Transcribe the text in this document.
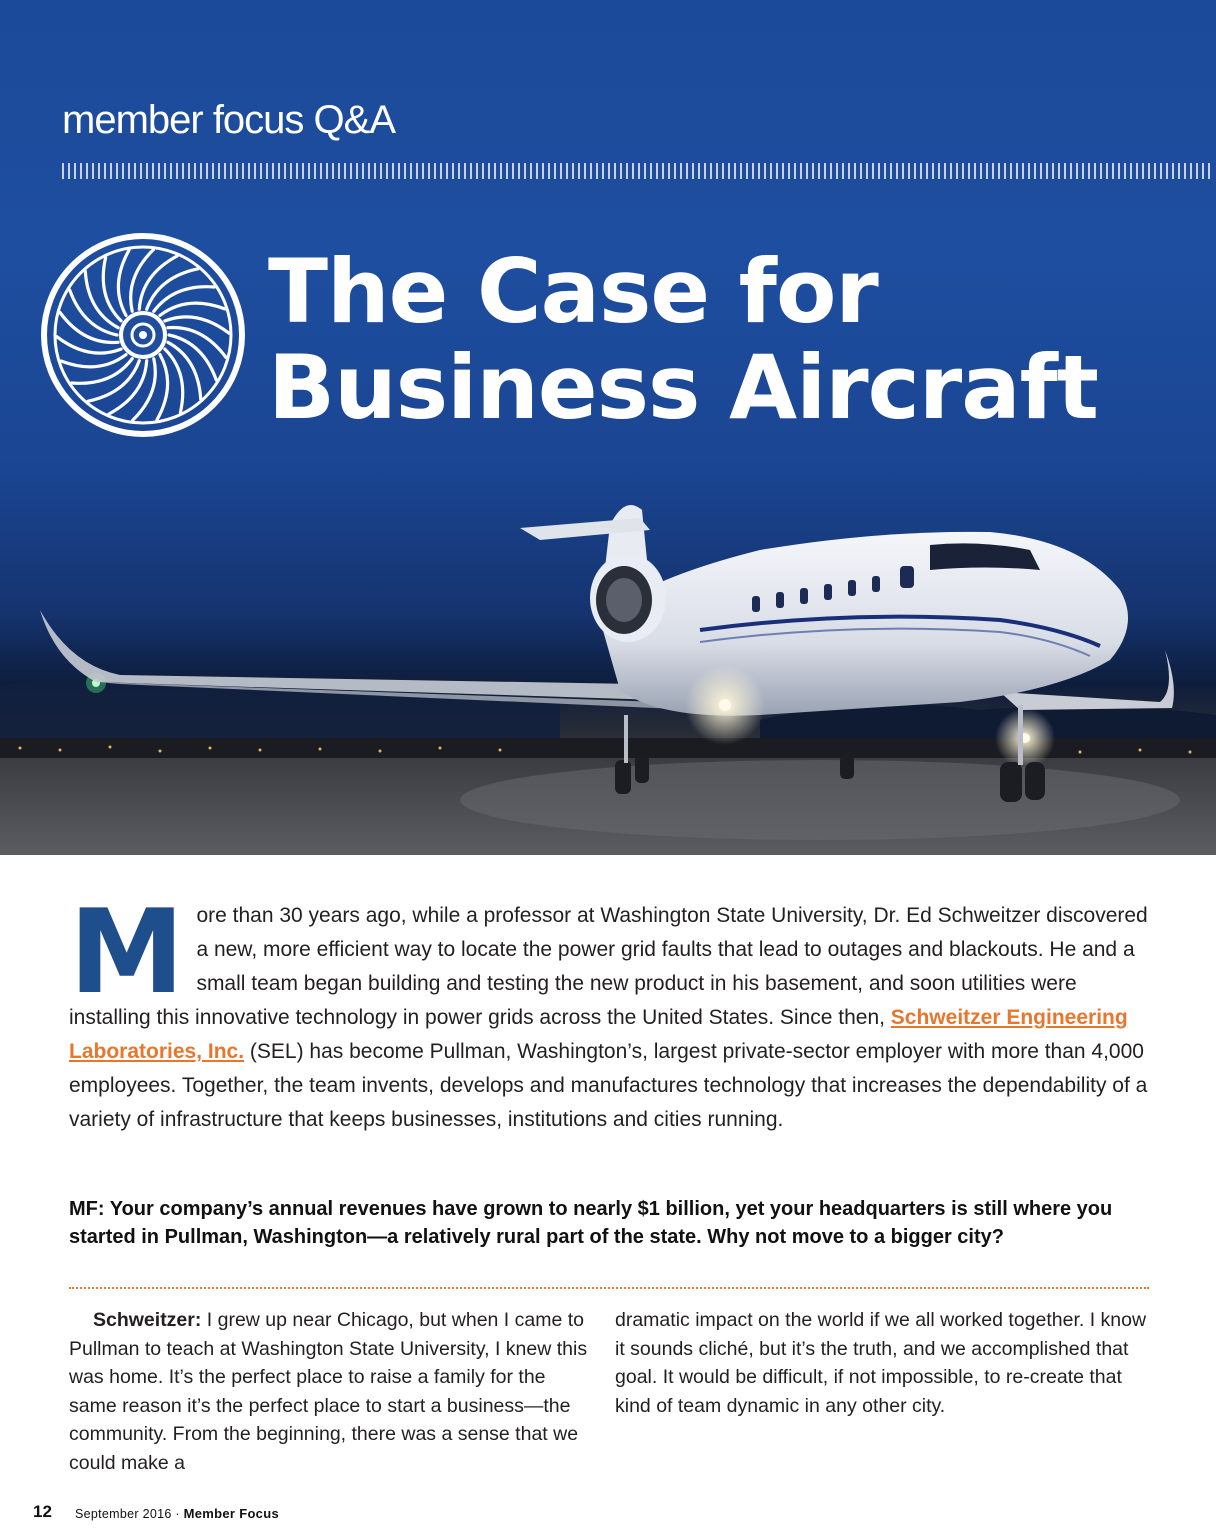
member focus Q&A
The Case for
Business Aircraft
More than 30 years ago, while a professor at Washington State University, Dr. Ed Schweitzer discovered a new, more efficient way to locate the power grid faults that lead to outages and blackouts. He and a small team began building and testing the new product in his basement, and soon utilities were installing this innovative technology in power grids across the United States. Since then, Schweitzer Engineering Laboratories, Inc. (SEL) has become Pullman, Washington’s, largest private-sector employer with more than 4,000 employees. Together, the team invents, develops and manufactures technology that increases the dependability of a variety of infrastructure that keeps businesses, institutions and cities running.
MF: Your company’s annual revenues have grown to nearly $1 billion, yet your headquarters is still where you started in Pullman, Washington—a relatively rural part of the state. Why not move to a bigger city?
Schweitzer: I grew up near Chicago, but when I came to Pullman to teach at Washington State University, I knew this was home. It’s the perfect place to raise a family for the same reason it’s the perfect place to start a business—the community. From the beginning, there was a sense that we could make a
dramatic impact on the world if we all worked together. I know it sounds cliché, but it’s the truth, and we accomplished that goal. It would be difficult, if not impossible, to re-create that kind of team dynamic in any other city.
12 September 2016 · Member Focus
